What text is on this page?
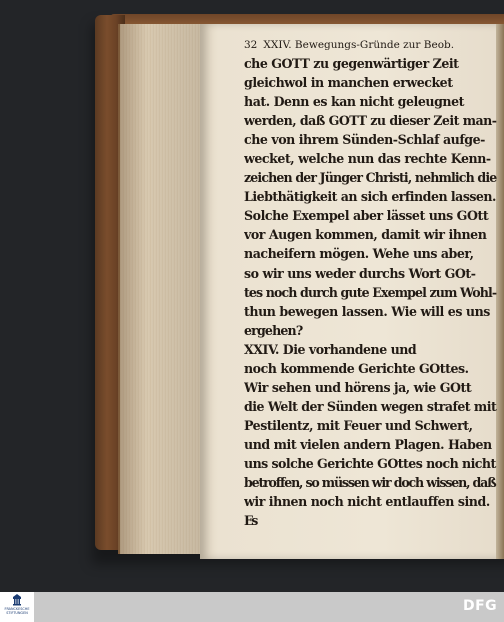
32 XXIV. Bewegungs-Gründe zur Beob.
che GOTT zu gegenwärtiger Zeit
gleichwol in manchen erwecket
hat. Denn es kan nicht geleugnet
werden, daß GOTT zu dieser Zeit man-
che von ihrem Sünden-Schlaf aufge-
wecket, welche nun das rechte Kenn-
zeichen der Jünger Christi, nehmlich die
Liebthätigkeit an sich erfinden lassen.
Solche Exempel aber lässet uns GOtt
vor Augen kommen, damit wir ihnen
nacheifern mögen. Wehe uns aber,
so wir uns weder durchs Wort GOt-
tes noch durch gute Exempel zum Wohl-
thun bewegen lassen. Wie will es uns
ergehen?
XXIV. Die vorhandene und
noch kommende Gerichte GOttes.
Wir sehen und hörens ja, wie GOtt
die Welt der Sünden wegen strafet mit
Pestilentz, mit Feuer und Schwert,
und mit vielen andern Plagen. Haben
uns solche Gerichte GOttes noch nicht
betroffen, so müssen wir doch wissen, daß
wir ihnen noch nicht entlauffen sind.
Es
FRANCKESCHE STIFTUNGEN	DFG
